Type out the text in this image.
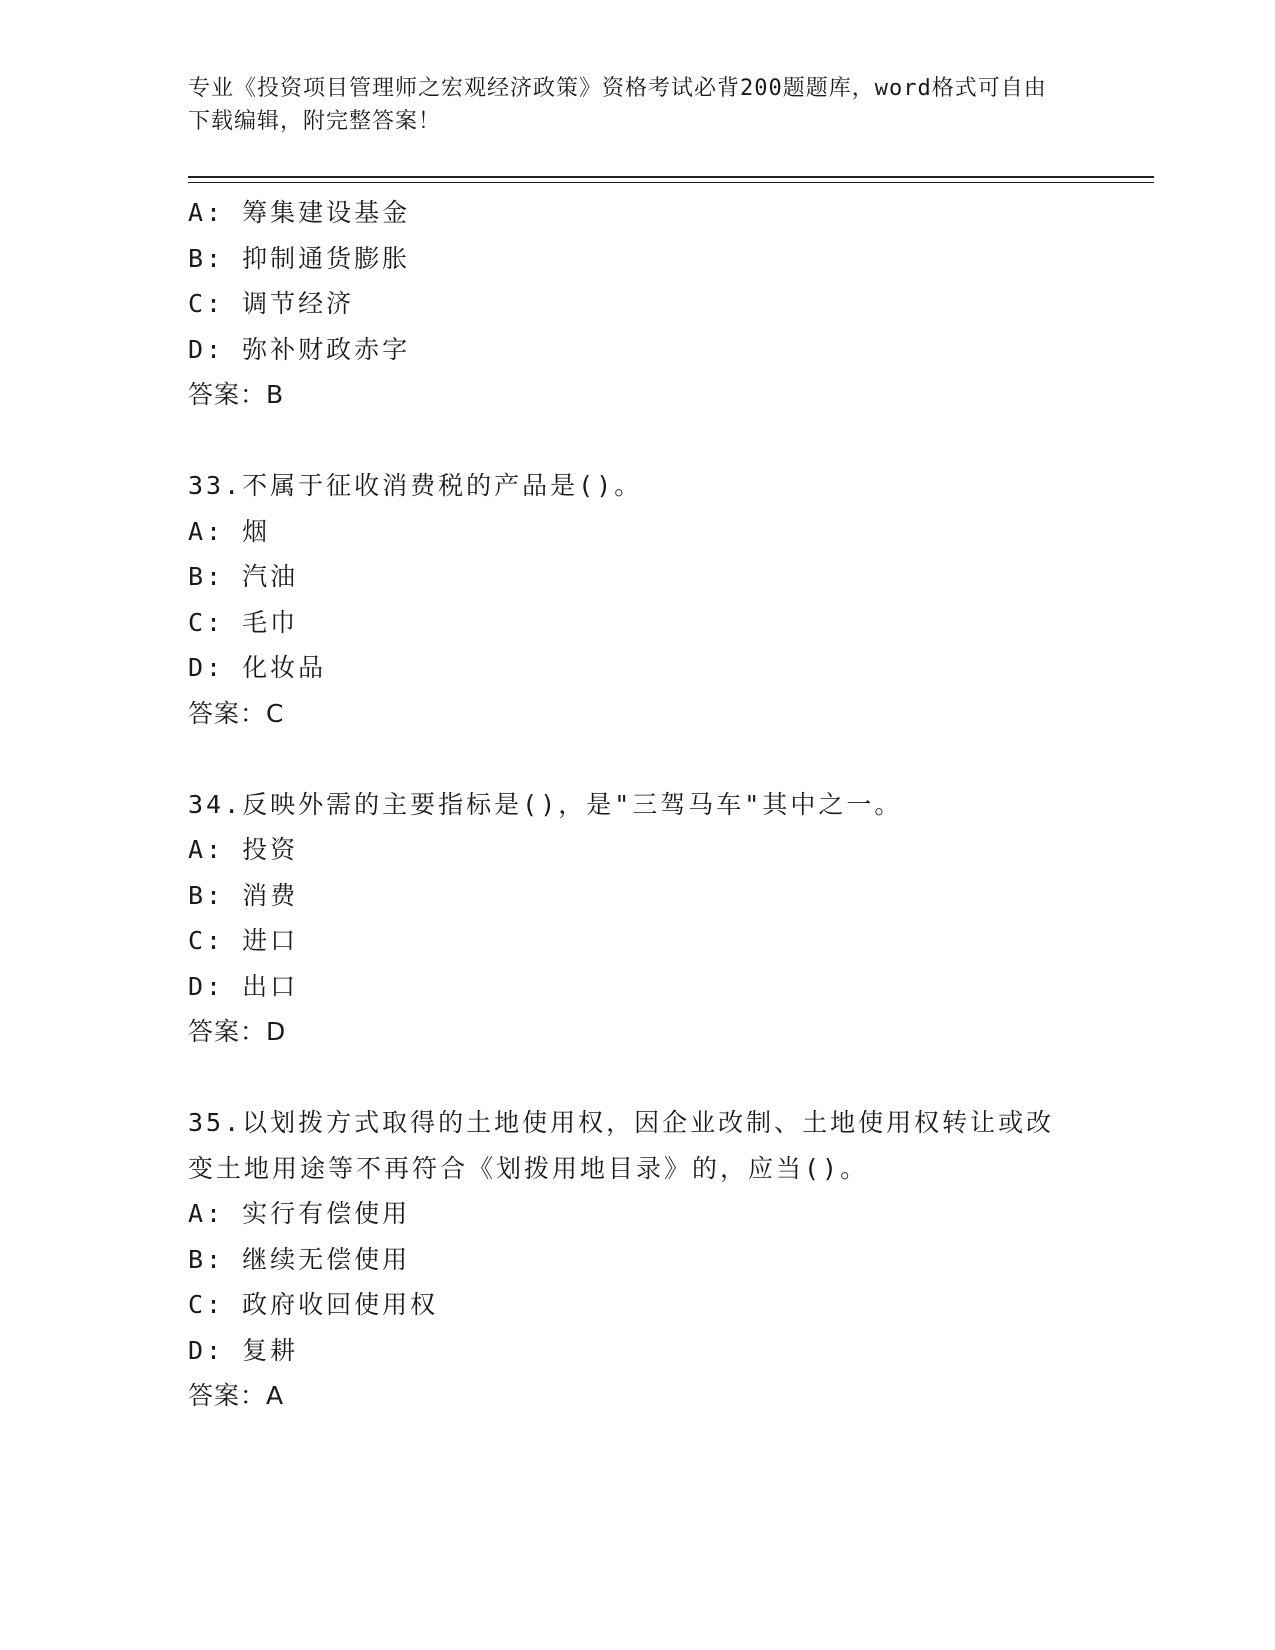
专业《投资项目管理师之宏观经济政策》资格考试必背200题题库，word格式可自由下载编辑，附完整答案！
A: 筹集建设基金
B: 抑制通货膨胀
C: 调节经济
D: 弥补财政赤字
答案：B
33.不属于征收消费税的产品是()。
A: 烟
B: 汽油
C: 毛巾
D: 化妆品
答案：C
34.反映外需的主要指标是()，是"三驾马车"其中之一。
A: 投资
B: 消费
C: 进口
D: 出口
答案：D
35.以划拨方式取得的土地使用权，因企业改制、土地使用权转让或改
变土地用途等不再符合《划拨用地目录》的，应当()。
A: 实行有偿使用
B: 继续无偿使用
C: 政府收回使用权
D: 复耕
答案：A
